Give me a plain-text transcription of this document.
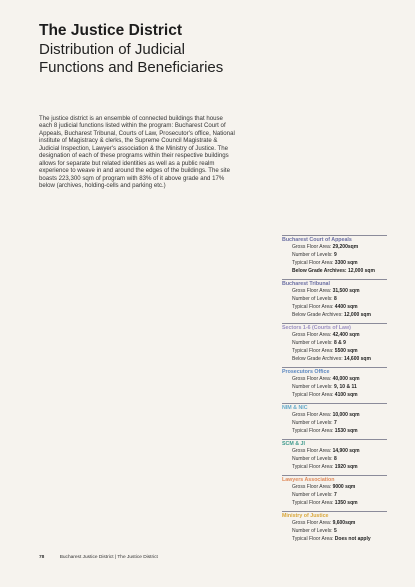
The Justice District
Distribution of Judicial
Functions and Beneficiaries

The justice district is an ensemble of connected buildings that house each 8 judicial functions listed within the program: Bucharest Court of Appeals, Bucharest Tribunal, Courts of Law, Prosecutor's office, National institute of Magistracy & clerks, the Supreme Council Magistrate & Judicial Inspection, Lawyer's association & the Ministry of Justice. The designation of each of these programs within their respective buildings allows for separate but related identities as well as a public realm experience to weave in and around the edges of the buildings. The site boasts 223,300 sqm of program with 83% of it above grade and 17% below (archives, holding-cells and parking etc.)

Bucharest Court of Appeals
Gross Floor Area: 29,200sqm
Number of Levels: 9
Typical Floor Area: 3300 sqm
Below Grade Archives: 12,000 sqm
Bucharest Tribunal
Gross Floor Area: 31,500 sqm
Number of Levels: 8
Typical Floor Area: 4400 sqm
Below Grade Archives: 12,000 sqm
Sectors 1-6 (Courts of Law)
Gross Floor Area: 42,400 sqm
Number of Levels: 8 & 9
Typical Floor Area: 5500 sqm
Below Grade Archives: 14,600 sqm
Prosecutors Office
Gross Floor Area: 40,000 sqm
Number of Levels: 9, 10 & 11
Typical Floor Area: 4100 sqm
NIM & NIC
Gross Floor Area: 10,000 sqm
Number of Levels: 7
Typical Floor Area: 1530 sqm
SCM & JI
Gross Floor Area: 14,900 sqm
Number of Levels: 8
Typical Floor Area: 1920 sqm
Lawyers Association
Gross Floor Area: 9000 sqm
Number of Levels: 7
Typical Floor Area: 1350 sqm
Ministry of Justice
Gross Floor Area: 9,600sqm
Number of Levels: 5
Typical Floor Area: Does not apply
78	Bucharest Justice District | The Justice District
